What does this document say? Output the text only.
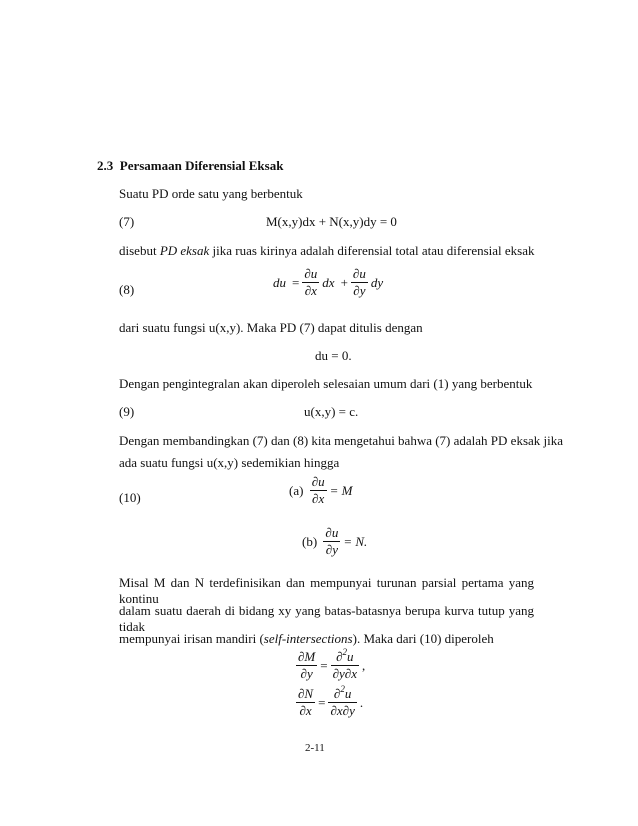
2.3 Persamaan Diferensial Eksak
Suatu PD orde satu yang berbentuk
(7)	M(x,y)dx + N(x,y)dy = 0
disebut PD eksak jika ruas kirinya adalah diferensial total atau diferensial eksak
(8)	du = $\frac{\partial u}{\partial x}$ dx + $\frac{\partial u}{\partial y}$ dy
dari suatu fungsi u(x,y). Maka PD (7) dapat ditulis dengan
du = 0.
Dengan pengintegralan akan diperoleh selesaian umum dari (1) yang berbentuk
(9)	u(x,y) = c.
Dengan membandingkan (7) dan (8) kita mengetahui bahwa (7) adalah PD eksak jika
ada suatu fungsi u(x,y) sedemikian hingga
(10)	$(a) \frac{\partial u}{\partial x} = M$
$(b) \frac{\partial u}{\partial y} = N$.
Misal M dan N terdefinisikan dan mempunyai turunan parsial pertama yang kontinu
dalam suatu daerah di bidang xy yang batas-batasnya berupa kurva tutup yang tidak
mempunyai irisan mandiri (self-intersections). Maka dari (10) diperoleh
$\frac{\partial M}{\partial y} = \frac{\partial^2u}{\partial y\partial x}$ ,
$\frac{\partial N}{\partial x} = \frac{\partial^2u}{\partial x\partial y}$ .
2-11
